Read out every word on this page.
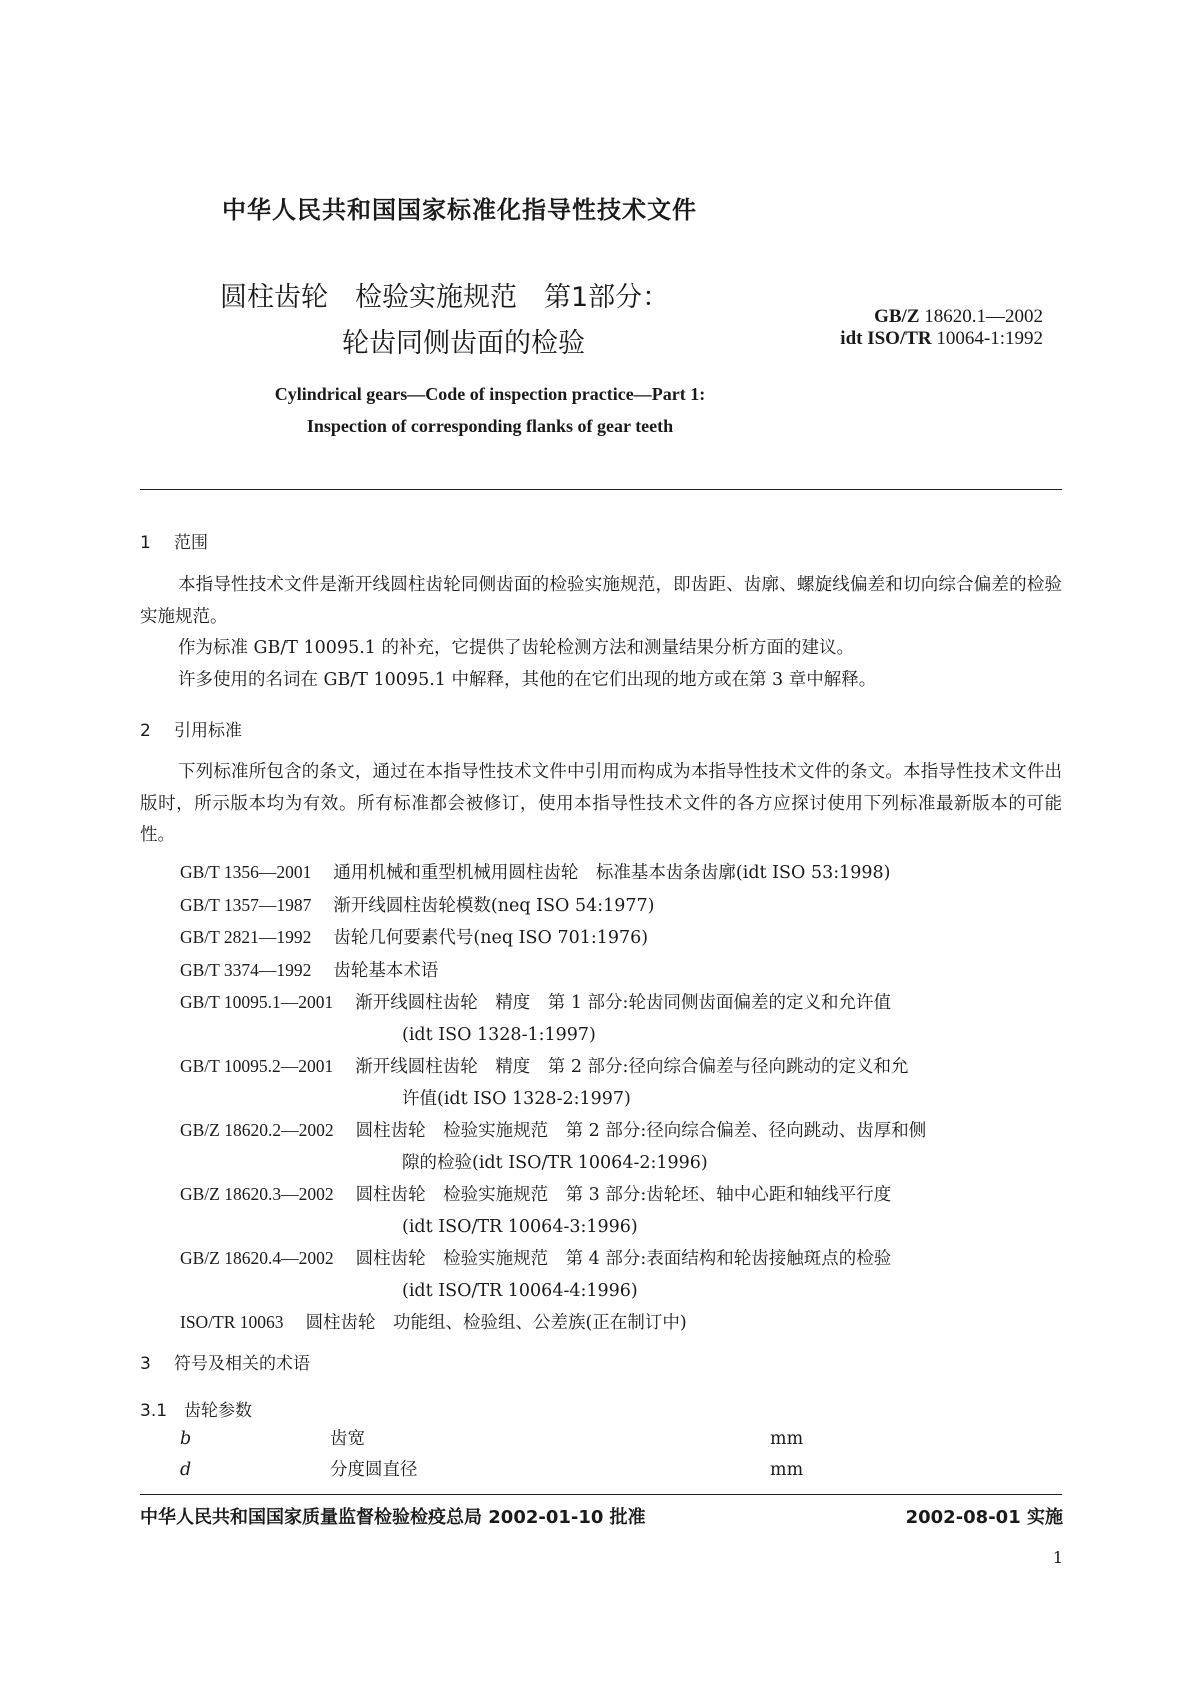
中华人民共和国国家标准化指导性技术文件
圆柱齿轮　检验实施规范　第1部分：
轮齿同侧齿面的检验
GB/Z 18620.1—2002
idt ISO/TR 10064-1:1992
Cylindrical gears—Code of inspection practice—Part 1:
Inspection of corresponding flanks of gear teeth
1 范围

本指导性技术文件是渐开线圆柱齿轮同侧齿面的检验实施规范，即齿距、齿廓、螺旋线偏差和切向综合偏差的检验实施规范。

作为标准 GB/T 10095.1 的补充，它提供了齿轮检测方法和测量结果分析方面的建议。

许多使用的名词在 GB/T 10095.1 中解释，其他的在它们出现的地方或在第 3 章中解释。

2 引用标准

下列标准所包含的条文，通过在本指导性技术文件中引用而构成为本指导性技术文件的条文。本指导性技术文件出版时，所示版本均为有效。所有标准都会被修订，使用本指导性技术文件的各方应探讨使用下列标准最新版本的可能性。

GB/T 1356—2001 通用机械和重型机械用圆柱齿轮　标准基本齿条齿廓(idt ISO 53:1998)
GB/T 1357—1987 渐开线圆柱齿轮模数(neq ISO 54:1977)
GB/T 2821—1992 齿轮几何要素代号(neq ISO 701:1976)
GB/T 3374—1992 齿轮基本术语
GB/T 10095.1—2001 渐开线圆柱齿轮　精度　第 1 部分:轮齿同侧齿面偏差的定义和允许值
(idt ISO 1328-1:1997)
GB/T 10095.2—2001 渐开线圆柱齿轮　精度　第 2 部分:径向综合偏差与径向跳动的定义和允
许值(idt ISO 1328-2:1997)
GB/Z 18620.2—2002 圆柱齿轮　检验实施规范　第 2 部分:径向综合偏差、径向跳动、齿厚和侧
隙的检验(idt ISO/TR 10064-2:1996)
GB/Z 18620.3—2002 圆柱齿轮　检验实施规范　第 3 部分:齿轮坯、轴中心距和轴线平行度
(idt ISO/TR 10064-3:1996)
GB/Z 18620.4—2002 圆柱齿轮　检验实施规范　第 4 部分:表面结构和轮齿接触斑点的检验
(idt ISO/TR 10064-4:1996)
ISO/TR 10063 圆柱齿轮　功能组、检验组、公差族(正在制订中)
3 符号及相关的术语
3.1 齿轮参数
b	齿宽	mm
d	分度圆直径	mm
中华人民共和国国家质量监督检验检疫总局 2002-01-10 批准	2002-08-01 实施
1
